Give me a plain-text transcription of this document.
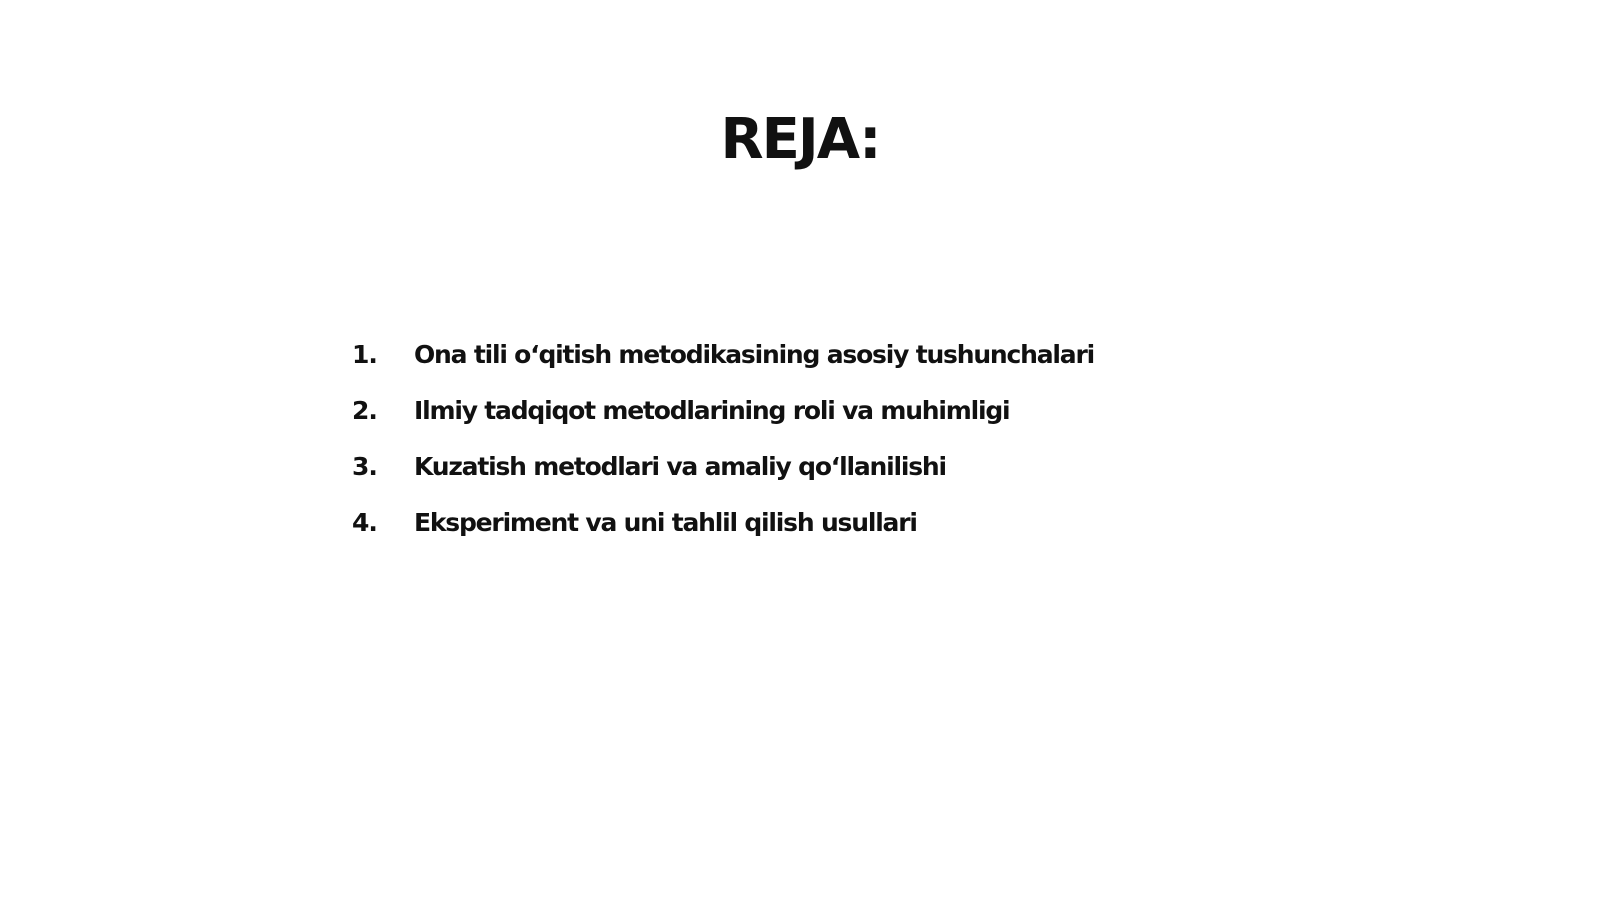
REJA:
1.	Ona tili o‘qitish metodikasining asosiy tushunchalari
2.	Ilmiy tadqiqot metodlarining roli va muhimligi
3.	Kuzatish metodlari va amaliy qo‘llanilishi
4.	Eksperiment va uni tahlil qilish usullari
